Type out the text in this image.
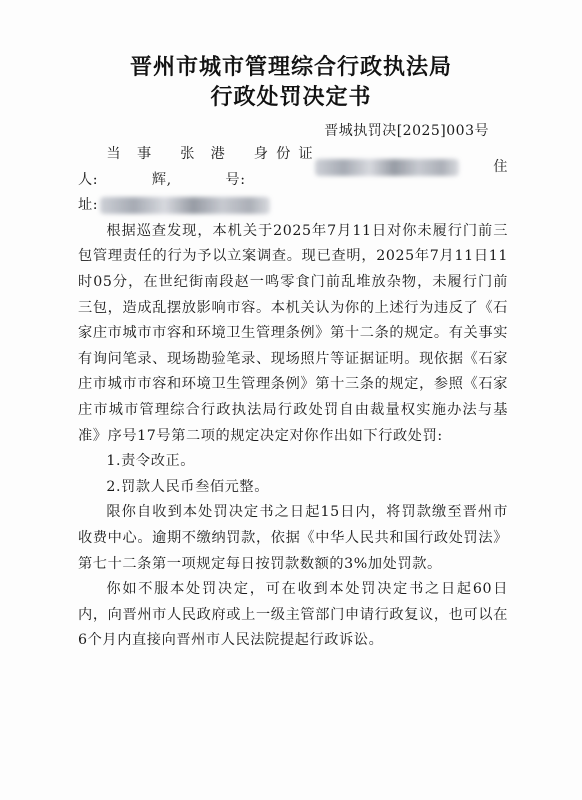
晋州市城市管理综合行政执法局
行政处罚决定书
晋城执罚决[2025]003号
当事人:
张港辉,
身份证号:
住
址:

根据巡查发现，本机关于2025年7月11日对你未履行门前三包管理责任的行为予以立案调查。现已查明，2025年7月11日11时05分，在世纪街南段赵一鸣零食门前乱堆放杂物，未履行门前三包，造成乱摆放影响市容。本机关认为你的上述行为违反了《石家庄市城市市容和环境卫生管理条例》第十二条的规定。有关事实有询问笔录、现场勘验笔录、现场照片等证据证明。现依据《石家庄市城市市容和环境卫生管理条例》第十三条的规定，参照《石家庄市城市管理综合行政执法局行政处罚自由裁量权实施办法与基准》序号17号第二项的规定决定对你作出如下行政处罚:

1.责令改正。

2.罚款人民币叁佰元整。

限你自收到本处罚决定书之日起15日内，将罚款缴至晋州市收费中心。逾期不缴纳罚款，依据《中华人民共和国行政处罚法》第七十二条第一项规定每日按罚款数额的3%加处罚款。

你如不服本处罚决定，可在收到本处罚决定书之日起60日内，向晋州市人民政府或上一级主管部门申请行政复议，也可以在6个月内直接向晋州市人民法院提起行政诉讼。
